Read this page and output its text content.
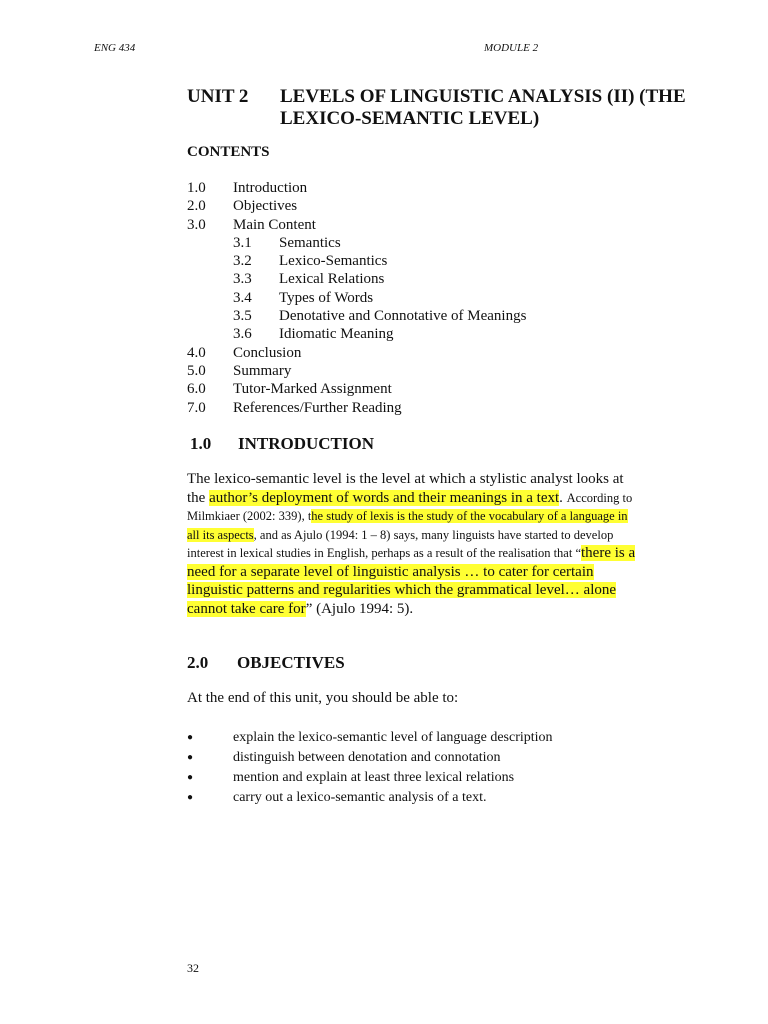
ENG 434	MODULE 2
UNIT 2 LEVELS OF LINGUISTIC ANALYSIS (II) (THE LEXICO-SEMANTIC LEVEL)
CONTENTS
1.0 Introduction
2.0 Objectives
3.0 Main Content
3.1 Semantics
3.2 Lexico-Semantics
3.3 Lexical Relations
3.4 Types of Words
3.5 Denotative and Connotative of Meanings
3.6 Idiomatic Meaning
4.0 Conclusion
5.0 Summary
6.0 Tutor-Marked Assignment
7.0 References/Further Reading
1.0 INTRODUCTION
The lexico-semantic level is the level at which a stylistic analyst looks at the author’s deployment of words and their meanings in a text. According to Milmkiaer (2002: 339), the study of lexis is the study of the vocabulary of a language in all its aspects, and as Ajulo (1994: 1 – 8) says, many linguists have started to develop interest in lexical studies in English, perhaps as a result of the realisation that “there is a need for a separate level of linguistic analysis … to cater for certain linguistic patterns and regularities which the grammatical level… alone cannot take care for” (Ajulo 1994: 5).
2.0 OBJECTIVES
At the end of this unit, you should be able to:
●	explain the lexico-semantic level of language description
●	distinguish between denotation and connotation
●	mention and explain at least three lexical relations
●	carry out a lexico-semantic analysis of a text.
32
